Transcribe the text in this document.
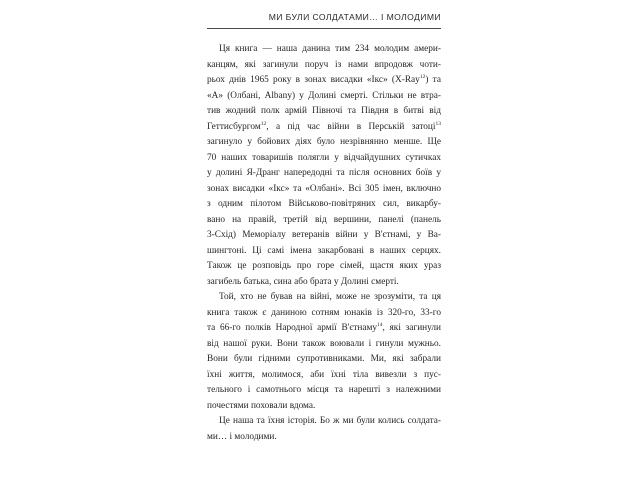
МИ БУЛИ СОЛДАТАМИ… І МОЛОДИМИ
Ця книга — наша данина тим 234 молодим амери-
канцям, які загинули поруч із нами впродовж чоти-
рьох днів 1965 року в зонах висадки «Ікс» (X-Ray$^{12}$) та
«А» (Олбані, Albany) у Долині смерті. Стільки не втра-
тив жодний полк армій Півночі та Півдня в битві від
Геттисбургом$^{12}$, а під час війни в Перській затоці$^{13}$
загинуло у бойових діях було незрівнянно менше. Ще
70 наших товаришів полягли у відчайдушних сутичках
у долині Я-Дранг напередодні та після основних боїв у
зонах висадки «Ікс» та «Олбані». Всі 305 імен, включно
з одним пілотом Військово-повітряних сил, викарбу-
вано на правій, третій від вершини, панелі (панель
3-Схід) Меморіалу ветеранів війни у В'єтнамі, у Ва-
шингтоні. Ці самі імена закарбовані в наших серцях.
Також це розповідь про горе сімей, щастя яких ураз
загибель батька, сина або брата у Долині смерті.
Той, хто не бував на війні, може не зрозуміти, та ця
книга також є даниною сотням юнаків із 320-го, 33-го
та 66-го полків Народної армії В'єтнаму$^{14}$, які загинули
від нашої руки. Вони також воювали і гинули мужньо.
Вони були гідними супротивниками. Ми, які забрали
їхні життя, молимося, аби їхні тіла вивезли з пус-
тельного і самотнього місця та нарешті з належними
почестями поховали вдома.
Це наша та їхня історія. Бо ж ми були колись солдата-
ми… і молодими.
